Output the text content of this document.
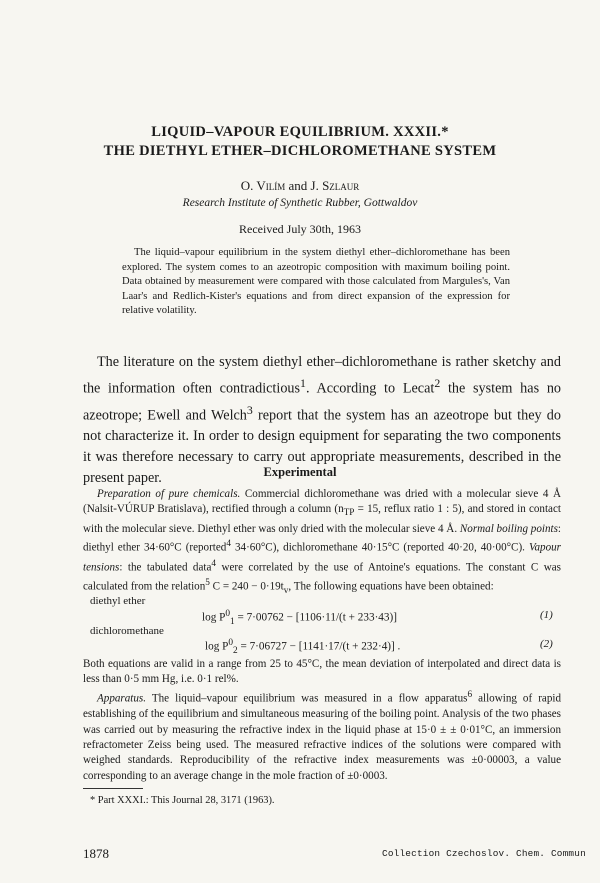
LIQUID–VAPOUR EQUILIBRIUM. XXXII.*
THE DIETHYL ETHER–DICHLOROMETHANE SYSTEM
O. Vilím and J. Szlaur
Research Institute of Synthetic Rubber, Gottwaldov
Received July 30th, 1963
The liquid–vapour equilibrium in the system diethyl ether–dichloromethane has been explored. The system comes to an azeotropic composition with maximum boiling point. Data obtained by measurement were compared with those calculated from Margules's, Van Laar's and Redlich-Kister's equations and from direct expansion of the expression for relative volatility.
The literature on the system diethyl ether–dichloromethane is rather sketchy and the information often contradictious$^1$. According to Lecat$^2$ the system has no azeotrope; Ewell and Welch$^3$ report that the system has an azeotrope but they do not characterize it. In order to design equipment for separating the two components it was therefore necessary to carry out appropriate measurements, described in the present paper.	Experimental
Preparation of pure chemicals. Commercial dichloromethane was dried with a molecular sieve 4 Å (Nalsit-VÚRUP Bratislava), rectified through a column ($n_{TP} = 15$, reflux ratio 1 : 5), and stored in contact with the molecular sieve. Diethyl ether was only dried with the molecular sieve 4 Å. Normal boiling points: diethyl ether 34·60°C (reported$^4$ 34·60°C), dichloromethane 40·15°C (reported 40·20, 40·00°C). Vapour tensions: the tabulated data$^4$ were correlated by the use of Antoine's equations. The constant C was calculated from the relation$^5$ $C = 240 - 0\cdot 19t_v$, The following equations have been obtained:
diethyl ether
$\log P^0_1 = 7\cdot 00762 - [1106\cdot 11/(t + 233\cdot 43)]$	(1)
dichloromethane
$\log P^0_2 = 7\cdot 06727 - [1141\cdot 17/(t + 232\cdot 4)]$ .	(2)
Both equations are valid in a range from 25 to 45°C, the mean deviation of interpolated and direct data is less than 0·5 mm Hg, i.e. 0·1 rel%.
Apparatus. The liquid–vapour equilibrium was measured in a flow apparatus$^6$ allowing of rapid establishing of the equilibrium and simultaneous measuring of the boiling point. Analysis of the two phases was carried out by measuring the refractive index in the liquid phase at 15·0 ± ± 0·01°C, an immersion refractometer Zeiss being used. The measured refractive indices of the solutions were compared with weighed standards. Reproducibility of the refractive index measurements was ±0·00003, a value corresponding to an average change in the mole fraction of ±0·0003.
* Part XXXI.: This Journal 28, 3171 (1963).
1878	Collection Czechoslov. Chem. Commun
